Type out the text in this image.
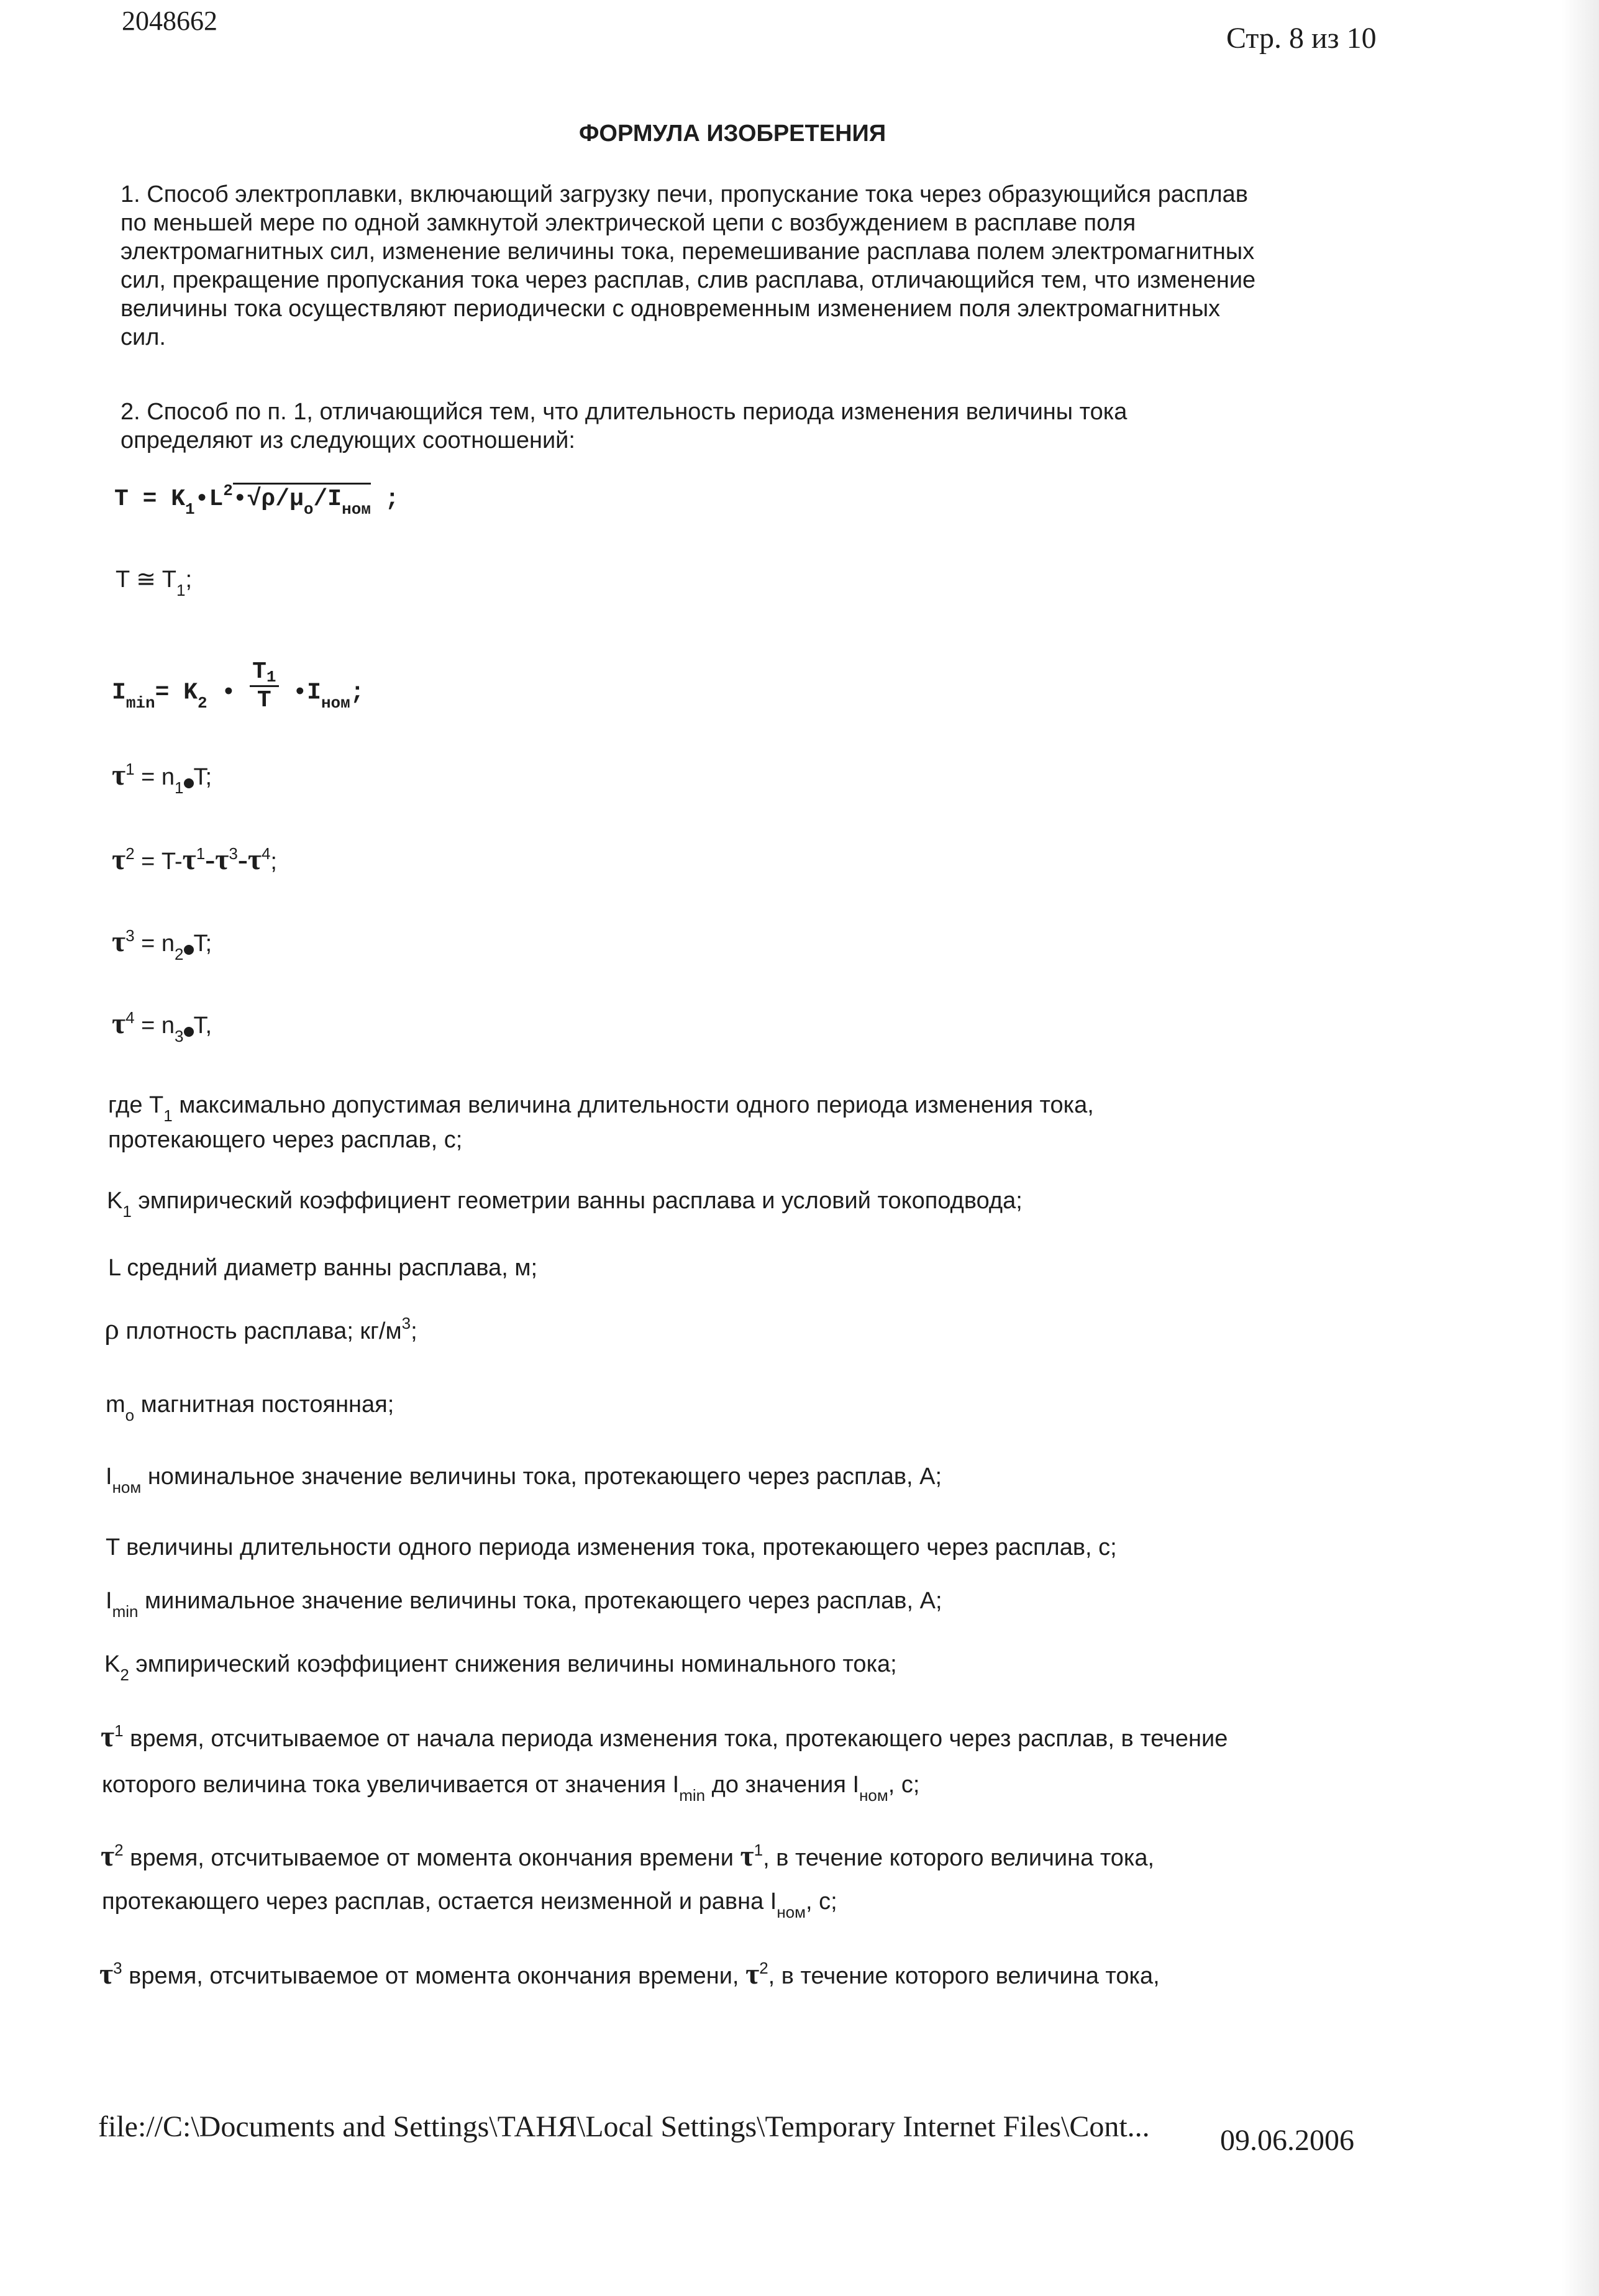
2048662
Стр. 8 из 10
ФОРМУЛА ИЗОБРЕТЕНИЯ

1. Способ электроплавки, включающий загрузку печи, пропускание тока через образующийся расплав

по меньшей мере по одной замкнутой электрической цепи с возбуждением в расплаве поля

электромагнитных сил, изменение величины тока, перемешивание расплава полем электромагнитных

сил, прекращение пропускания тока через расплав, слив расплава, отличающийся тем, что изменение

величины тока осуществляют периодически с одновременным изменением поля электромагнитных

сил.

2. Способ по п. 1, отличающийся тем, что длительность периода изменения величины тока

определяют из следующих соотношений:

$T = K_1•L^2•√\rho/\mu_o/I_{ном}$ ;
T ≅ $T_1$;
$I_{min}= K_2$ • $\frac{T1}{T}$ $•I_{ном}$;
$\tau^1 = n_1$ T;
$\tau^2 = T-\tau^1-\tau^3-\tau^4$;
$\tau^3 = n_2$ T;
$\tau^4 = n_3$ T,
где $T_1$ максимально допустимая величина длительности одного периода изменения тока,
протекающего через расплав, с;
$K_1$ эмпирический коэффициент геометрии ванны расплава и условий токоподвода;
L средний диаметр ванны расплава, м;
ρ плотность расплава; $кг/м^3$;
$m_o$ магнитная постоянная;
$I_{ном}$ номинальное значение величины тока, протекающего через расплав, А;
T величины длительности одного периода изменения тока, протекающего через расплав, с;
$I_{min}$ минимальное значение величины тока, протекающего через расплав, А;
$K_2$ эмпирический коэффициент снижения величины номинального тока;
$\tau^1$ время, отсчитываемое от начала периода изменения тока, протекающего через расплав, в течение
которого величина тока увеличивается от значения $I_{min}$ до значения $I_{ном}$, с;
$\tau^2$ время, отсчитываемое от момента окончания времени $\tau^1$, в течение которого величина тока,
протекающего через расплав, остается неизменной и равна $I_{ном}$, с;
$\tau^3$ время, отсчитываемое от момента окончания времени, $\tau^2$, в течение которого величина тока,
file://C:\Documents and Settings\ТАНЯ\Local Settings\Temporary Internet Files\Cont... 09.06.2006
